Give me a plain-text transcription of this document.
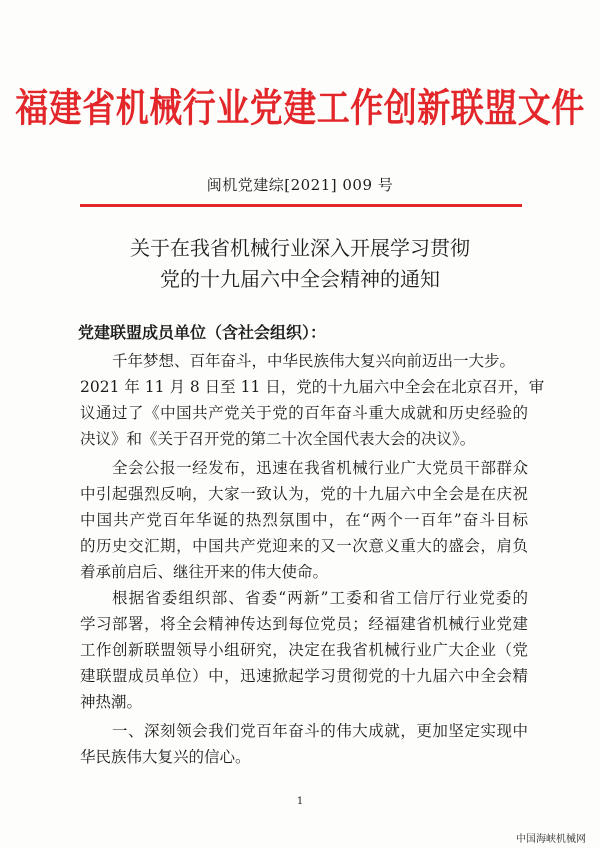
福建省机械行业党建工作创新联盟文件
闽机党建综[2021] 009 号
关于在我省机械行业深入开展学习贯彻
党的十九届六中全会精神的通知
党建联盟成员单位（含社会组织）：
千年梦想、百年奋斗，中华民族伟大复兴向前迈出一大步。
2021 年 11 月 8 日至 11 日，党的十九届六中全会在北京召开，审
议通过了《中国共产党关于党的百年奋斗重大成就和历史经验的
决议》和《关于召开党的第二十次全国代表大会的决议》。
全会公报一经发布，迅速在我省机械行业广大党员干部群众
中引起强烈反响，大家一致认为，党的十九届六中全会是在庆祝
中国共产党百年华诞的热烈氛围中，在“两个一百年”奋斗目标
的历史交汇期，中国共产党迎来的又一次意义重大的盛会，肩负
着承前启后、继往开来的伟大使命。
根据省委组织部、省委“两新”工委和省工信厅行业党委的
学习部署，将全会精神传达到每位党员；经福建省机械行业党建
工作创新联盟领导小组研究，决定在我省机械行业广大企业（党
建联盟成员单位）中，迅速掀起学习贯彻党的十九届六中全会精
神热潮。
一、深刻领会我们党百年奋斗的伟大成就，更加坚定实现中
华民族伟大复兴的信心。
1
中国海峡机械网
